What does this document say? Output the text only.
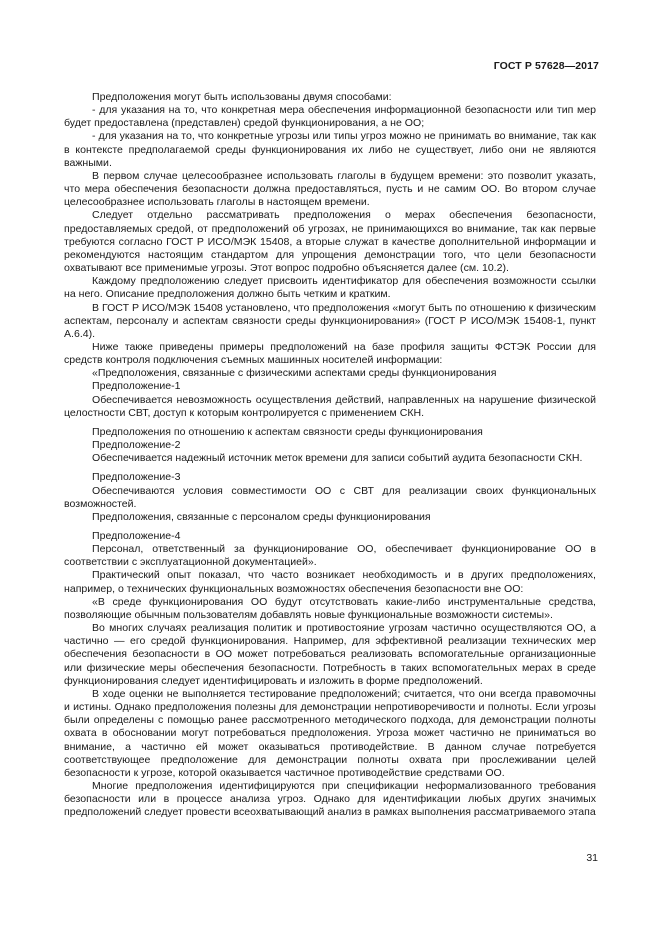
ГОСТ Р 57628—2017

Предположения могут быть использованы двумя способами:

- для указания на то, что конкретная мера обеспечения информационной безопасности или тип мер будет предоставлена (представлен) средой функционирования, а не ОО;

- для указания на то, что конкретные угрозы или типы угроз можно не принимать во внимание, так как в контексте предполагаемой среды функционирования их либо не существует, либо они не являются важными.

В первом случае целесообразнее использовать глаголы в будущем времени: это позволит указать, что мера обеспечения безопасности должна предоставляться, пусть и не самим ОО. Во втором случае целесообразнее использовать глаголы в настоящем времени.

Следует отдельно рассматривать предположения о мерах обеспечения безопасности, предоставляемых средой, от предположений об угрозах, не принимающихся во внимание, так как первые требуются согласно ГОСТ Р ИСО/МЭК 15408, а вторые служат в качестве дополнительной информации и рекомендуются настоящим стандартом для упрощения демонстрации того, что цели безопасности охватывают все применимые угрозы. Этот вопрос подробно объясняется далее (см. 10.2).

Каждому предположению следует присвоить идентификатор для обеспечения возможности ссылки на него. Описание предположения должно быть четким и кратким.

В ГОСТ Р ИСО/МЭК 15408 установлено, что предположения «могут быть по отношению к физическим аспектам, персоналу и аспектам связности среды функционирования» (ГОСТ Р ИСО/МЭК 15408-1, пункт А.6.4).

Ниже также приведены примеры предположений на базе профиля защиты ФСТЭК России для средств контроля подключения съемных машинных носителей информации:

«Предположения, связанные с физическими аспектами среды функционирования

Предположение-1

Обеспечивается невозможность осуществления действий, направленных на нарушение физической целостности СВТ, доступ к которым контролируется с применением СКН.

Предположения по отношению к аспектам связности среды функционирования

Предположение-2

Обеспечивается надежный источник меток времени для записи событий аудита безопасности СКН.

Предположение-3

Обеспечиваются условия совместимости ОО с СВТ для реализации своих функциональных возможностей.

Предположения, связанные с персоналом среды функционирования

Предположение-4

Персонал, ответственный за функционирование ОО, обеспечивает функционирование ОО в соответствии с эксплуатационной документацией».

Практический опыт показал, что часто возникает необходимость и в других предположениях, например, о технических функциональных возможностях обеспечения безопасности вне ОО:

«В среде функционирования ОО будут отсутствовать какие-либо инструментальные средства, позволяющие обычным пользователям добавлять новые функциональные возможности системы».

Во многих случаях реализация политик и противостояние угрозам частично осуществляются ОО, а частично — его средой функционирования. Например, для эффективной реализации технических мер обеспечения безопасности в ОО может потребоваться реализовать вспомогательные организационные или физические меры обеспечения безопасности. Потребность в таких вспомогательных мерах в среде функционирования следует идентифицировать и изложить в форме предположений.

В ходе оценки не выполняется тестирование предположений; считается, что они всегда правомочны и истины. Однако предположения полезны для демонстрации непротиворечивости и полноты. Если угрозы были определены с помощью ранее рассмотренного методического подхода, для демонстрации полноты охвата в обосновании могут потребоваться предположения. Угроза может частично не приниматься во внимание, а частично ей может оказываться противодействие. В данном случае потребуется соответствующее предположение для демонстрации полноты охвата при прослеживании целей безопасности к угрозе, которой оказывается частичное противодействие средствами ОО.

Многие предположения идентифицируются при спецификации неформализованного требования безопасности или в процессе анализа угроз. Однако для идентификации любых других значимых предположений следует провести всеохватывающий анализ в рамках выполнения рассматриваемого этапа

31
